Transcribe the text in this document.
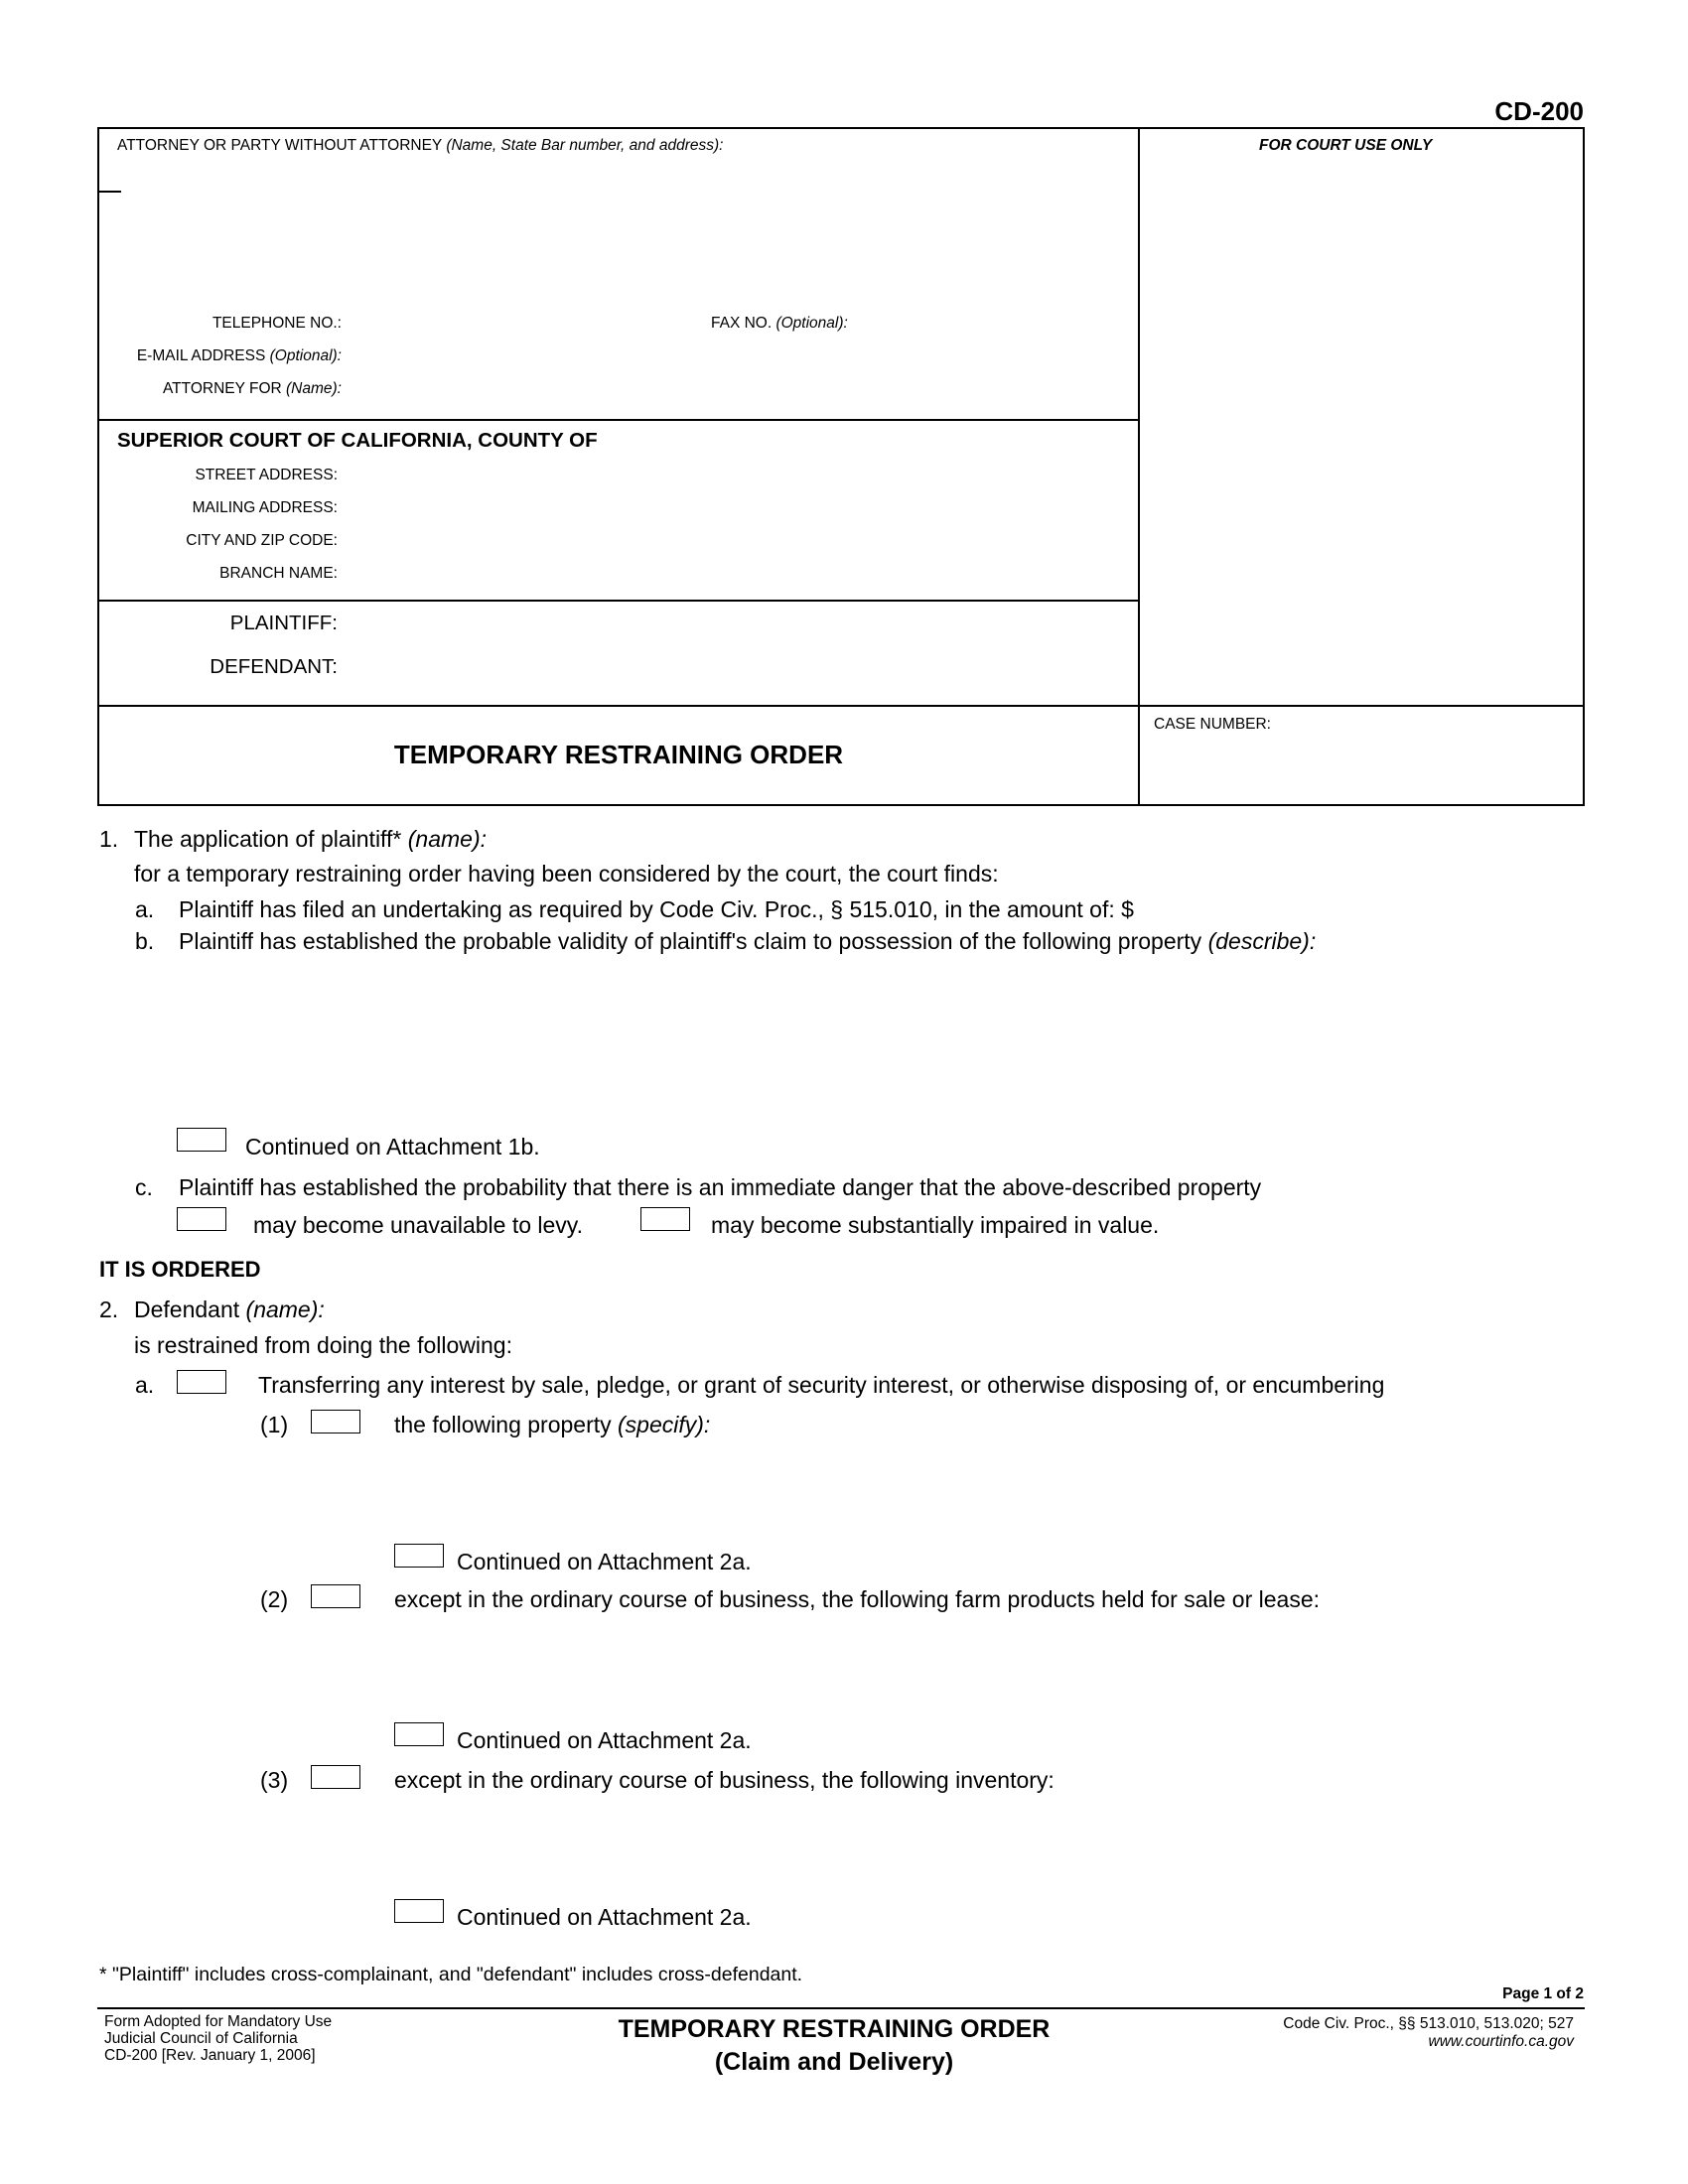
CD-200
ATTORNEY OR PARTY WITHOUT ATTORNEY (Name, State Bar number, and address):	FOR COURT USE ONLY
TELEPHONE NO.:	FAX NO. (Optional):
E-MAIL ADDRESS (Optional):
ATTORNEY FOR (Name):
SUPERIOR COURT OF CALIFORNIA, COUNTY OF
STREET ADDRESS:
MAILING ADDRESS:
CITY AND ZIP CODE:
BRANCH NAME:
PLAINTIFF:
DEFENDANT:
TEMPORARY RESTRAINING ORDER
CASE NUMBER:
1. The application of plaintiff* (name):
for a temporary restraining order having been considered by the court, the court finds:
a. Plaintiff has filed an undertaking as required by Code Civ. Proc., § 515.010, in the amount of: $
b. Plaintiff has established the probable validity of plaintiff's claim to possession of the following property (describe):
Continued on Attachment 1b.
c. Plaintiff has established the probability that there is an immediate danger that the above-described property
may become unavailable to levy.	may become substantially impaired in value.
IT IS ORDERED
2. Defendant (name):
is restrained from doing the following:
a.	Transferring any interest by sale, pledge, or grant of security interest, or otherwise disposing of, or encumbering
(1)	the following property (specify):
Continued on Attachment 2a.
(2)	except in the ordinary course of business, the following farm products held for sale or lease:
Continued on Attachment 2a.
(3)	except in the ordinary course of business, the following inventory:
Continued on Attachment 2a.
* "Plaintiff" includes cross-complainant, and "defendant" includes cross-defendant.
Page 1 of 2
Form Adopted for Mandatory Use
Judicial Council of California
CD-200 [Rev. January 1, 2006]
TEMPORARY RESTRAINING ORDER
(Claim and Delivery)
Code Civ. Proc., §§ 513.010, 513.020; 527
www.courtinfo.ca.gov
